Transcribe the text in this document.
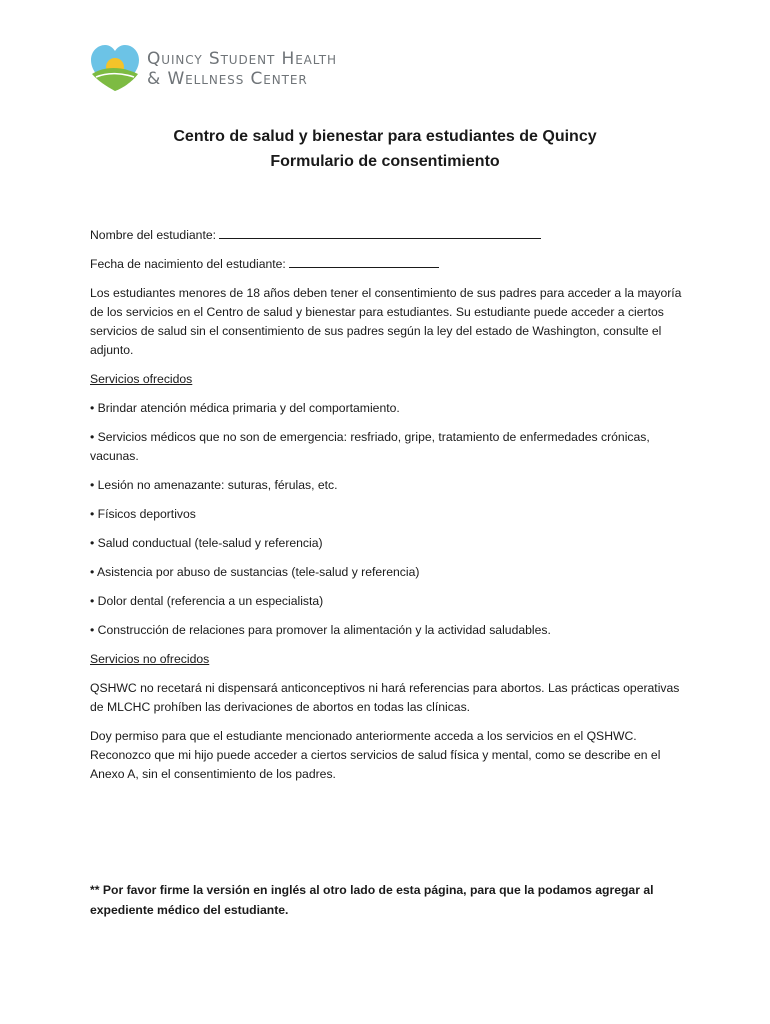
Quincy Student Health
& Wellness Center
Centro de salud y bienestar para estudiantes de Quincy
Formulario de consentimiento

Nombre del estudiante:

Fecha de nacimiento del estudiante:

Los estudiantes menores de 18 años deben tener el consentimiento de sus padres para acceder a la mayoría de los servicios en el Centro de salud y bienestar para estudiantes. Su estudiante puede acceder a ciertos servicios de salud sin el consentimiento de sus padres según la ley del estado de Washington, consulte el adjunto.

Servicios ofrecidos

• Brindar atención médica primaria y del comportamiento.

• Servicios médicos que no son de emergencia: resfriado, gripe, tratamiento de enfermedades crónicas, vacunas.

• Lesión no amenazante: suturas, férulas, etc.

• Físicos deportivos

• Salud conductual (tele-salud y referencia)

• Asistencia por abuso de sustancias (tele-salud y referencia)

• Dolor dental (referencia a un especialista)

• Construcción de relaciones para promover la alimentación y la actividad saludables.

Servicios no ofrecidos

QSHWC no recetará ni dispensará anticonceptivos ni hará referencias para abortos. Las prácticas operativas de MLCHC prohíben las derivaciones de abortos en todas las clínicas.

Doy permiso para que el estudiante mencionado anteriormente acceda a los servicios en el QSHWC. Reconozco que mi hijo puede acceder a ciertos servicios de salud física y mental, como se describe en el Anexo A, sin el consentimiento de los padres.

** Por favor firme la versión en inglés al otro lado de esta página, para que la podamos agregar al expediente médico del estudiante.
